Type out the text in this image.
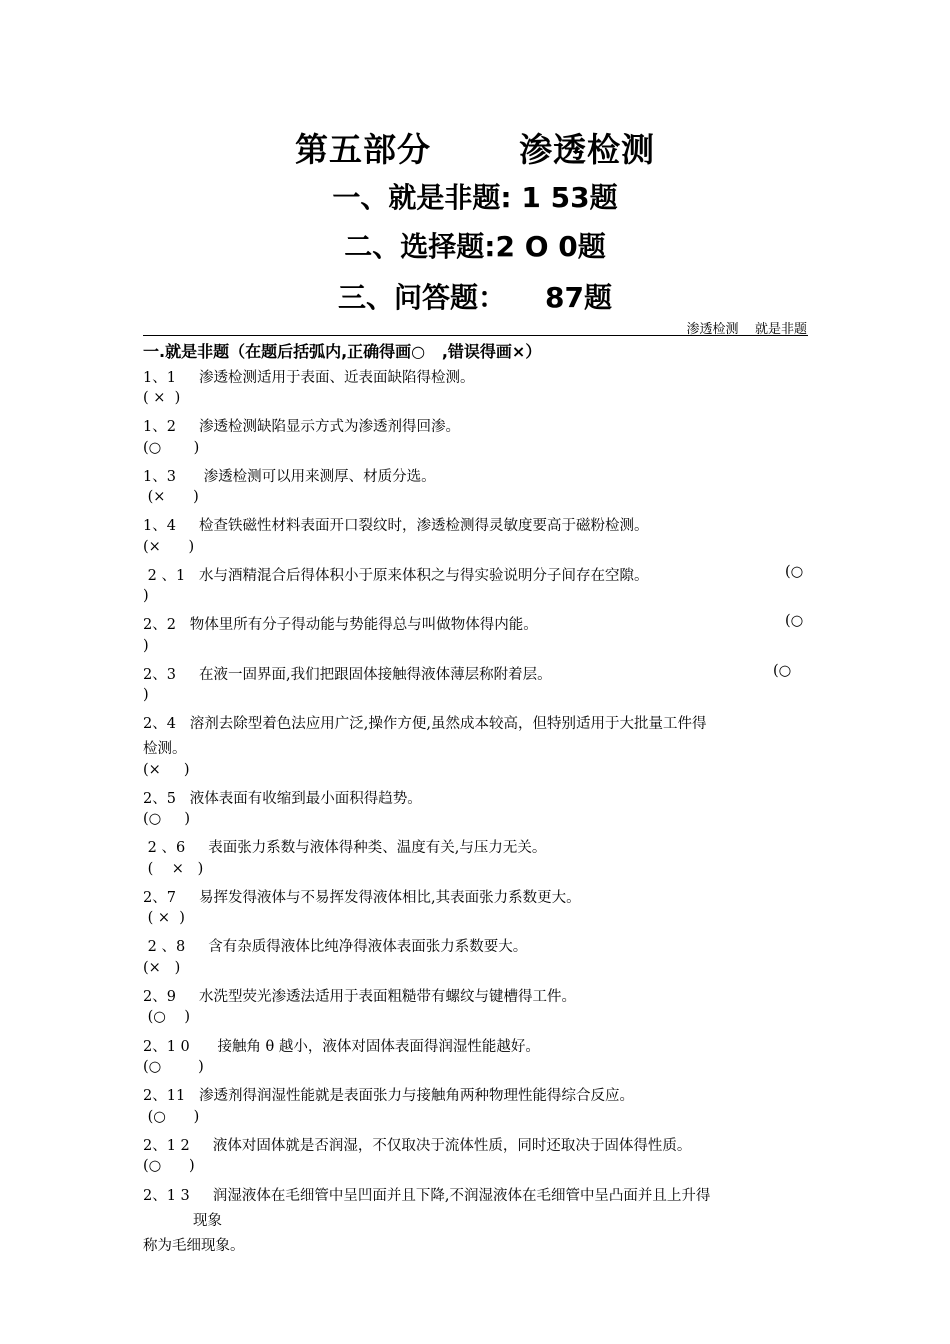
第五部分	渗透检测
一、就是非题: 1 53题
二、选择题:2 O 0题
三、问答题：    87题
渗透检测    就是非题
一.就是非题（在题后括弧内,正确得画○   ,错误得画×）
1、1     渗透检测适用于表面、近表面缺陷得检测。
( ×  )
1、2     渗透检测缺陷显示方式为渗透剂得回渗。
(○       )
1、3      渗透检测可以用来测厚、材质分选。
(×      )
1、4     检查铁磁性材料表面开口裂纹时，渗透检测得灵敏度要高于磁粉检测。
(×      )
2 、1   水与酒精混合后得体积小于原来体积之与得实验说明分子间存在空隙。	(○
)
2、2   物体里所有分子得动能与势能得总与叫做物体得内能。	(○
)
2、3     在液一固界面,我们把跟固体接触得液体薄层称附着层。	(○
)
2、4   溶剂去除型着色法应用广泛,操作方便,虽然成本较高，但特别适用于大批量工件得
检测。
(×     )
2、5   液体表面有收缩到最小面积得趋势。
(○     )
2 、6     表面张力系数与液体得种类、温度有关,与压力无关。
(    ×   )
2、7     易挥发得液体与不易挥发得液体相比,其表面张力系数更大。
( ×  )
2 、8     含有杂质得液体比纯净得液体表面张力系数要大。
(×   )
2、9     水洗型荧光渗透法适用于表面粗糙带有螺纹与键槽得工件。
(○    )
2、1 0      接触角 θ 越小，液体对固体表面得润湿性能越好。
(○        )
2、11   渗透剂得润湿性能就是表面张力与接触角两种物理性能得综合反应。
(○      )
2、1 2     液体对固体就是否润湿，不仅取决于流体性质，同时还取决于固体得性质。
(○      )
2、1 3     润湿液体在毛细管中呈凹面并且下降,不润湿液体在毛细管中呈凸面并且上升得
现象
称为毛细现象。
